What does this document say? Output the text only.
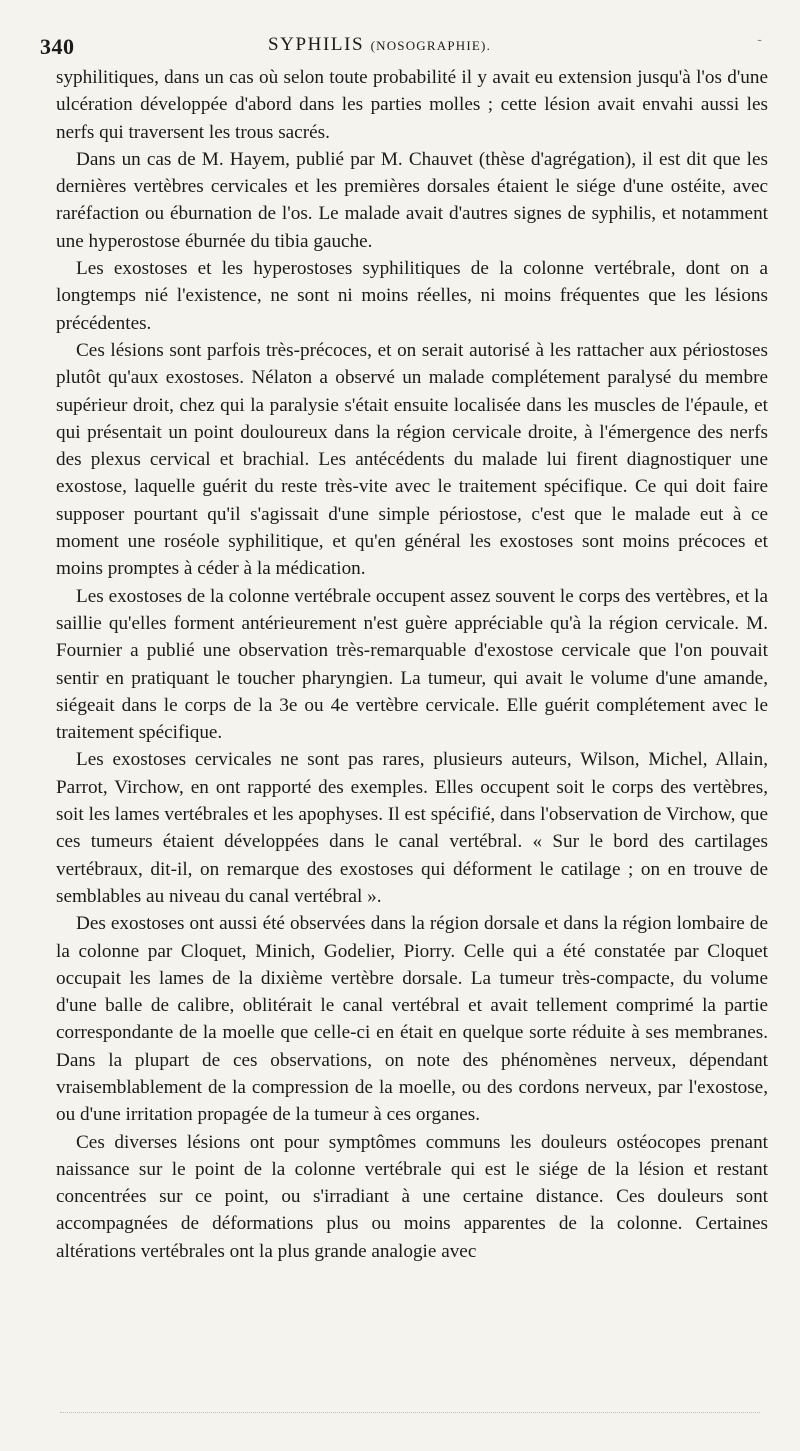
340	SYPHILIS (NOSOGRAPHIE).	-

syphilitiques, dans un cas où selon toute probabilité il y avait eu extension jusqu'à l'os d'une ulcération développée d'abord dans les parties molles ; cette lésion avait envahi aussi les nerfs qui traversent les trous sacrés.

Dans un cas de M. Hayem, publié par M. Chauvet (thèse d'agrégation), il est dit que les dernières vertèbres cervicales et les premières dorsales étaient le siége d'une ostéite, avec raréfaction ou éburnation de l'os. Le malade avait d'autres signes de syphilis, et notamment une hyperostose éburnée du tibia gauche.

Les exostoses et les hyperostoses syphilitiques de la colonne vertébrale, dont on a longtemps nié l'existence, ne sont ni moins réelles, ni moins fréquentes que les lésions précédentes.

Ces lésions sont parfois très-précoces, et on serait autorisé à les rattacher aux périostoses plutôt qu'aux exostoses. Nélaton a observé un malade complétement paralysé du membre supérieur droit, chez qui la paralysie s'était ensuite localisée dans les muscles de l'épaule, et qui présentait un point douloureux dans la région cervicale droite, à l'émergence des nerfs des plexus cervical et brachial. Les antécédents du malade lui firent diagnostiquer une exostose, laquelle guérit du reste très-vite avec le traitement spécifique. Ce qui doit faire supposer pourtant qu'il s'agissait d'une simple périostose, c'est que le malade eut à ce moment une roséole syphilitique, et qu'en général les exostoses sont moins précoces et moins promptes à céder à la médication.

Les exostoses de la colonne vertébrale occupent assez souvent le corps des vertèbres, et la saillie qu'elles forment antérieurement n'est guère appréciable qu'à la région cervicale. M. Fournier a publié une observation très-remarquable d'exostose cervicale que l'on pouvait sentir en pratiquant le toucher pharyngien. La tumeur, qui avait le volume d'une amande, siégeait dans le corps de la 3e ou 4e vertèbre cervicale. Elle guérit complétement avec le traitement spécifique.

Les exostoses cervicales ne sont pas rares, plusieurs auteurs, Wilson, Michel, Allain, Parrot, Virchow, en ont rapporté des exemples. Elles occupent soit le corps des vertèbres, soit les lames vertébrales et les apophyses. Il est spécifié, dans l'observation de Virchow, que ces tumeurs étaient développées dans le canal vertébral. « Sur le bord des cartilages vertébraux, dit-il, on remarque des exostoses qui déforment le catilage ; on en trouve de semblables au niveau du canal vertébral ».

Des exostoses ont aussi été observées dans la région dorsale et dans la région lombaire de la colonne par Cloquet, Minich, Godelier, Piorry. Celle qui a été constatée par Cloquet occupait les lames de la dixième vertèbre dorsale. La tumeur très-compacte, du volume d'une balle de calibre, oblitérait le canal vertébral et avait tellement comprimé la partie correspondante de la moelle que celle-ci en était en quelque sorte réduite à ses membranes. Dans la plupart de ces observations, on note des phénomènes nerveux, dépendant vraisemblablement de la compression de la moelle, ou des cordons nerveux, par l'exostose, ou d'une irritation propagée de la tumeur à ces organes.

Ces diverses lésions ont pour symptômes communs les douleurs ostéocopes prenant naissance sur le point de la colonne vertébrale qui est le siége de la lésion et restant concentrées sur ce point, ou s'irradiant à une certaine distance. Ces douleurs sont accompagnées de déformations plus ou moins apparentes de la colonne. Certaines altérations vertébrales ont la plus grande analogie avec
